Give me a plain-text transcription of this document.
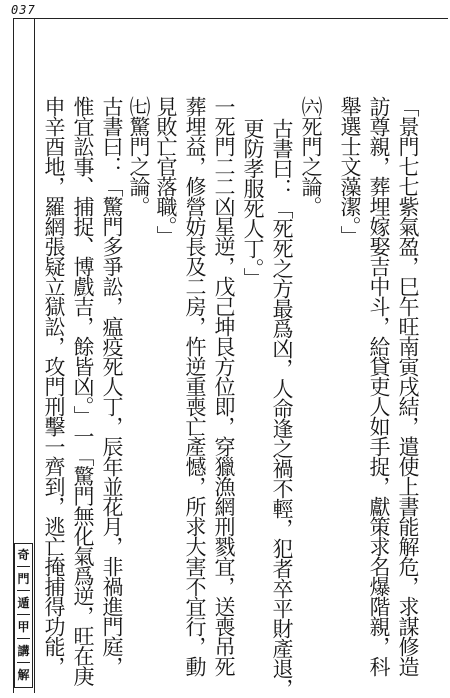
037
奇
門
遁
甲
講
解	「景門七七紫氣盈，巳午旺南寅戌結，遣使上書能解危，求謀修造
訪尊親，葬埋嫁娶吉中斗，給貸吏人如手捉，獻策求名爆階親，科
舉選士文藻潔。」
㈥死門之論。
古書曰：「死死之方最爲凶，人命逢之禍不輕，犯者卒平財產退，
更防孝服死人丁。」
一死門二二凶星逆，戊己坤艮方位即，穿獵漁網刑戮宜，送喪吊死
葬埋益，修營妨長及二房，忤逆重喪亡產憾，所求大害不宜行，動
見敗亡官落職。」
㈦驚門之論。
古書曰：「驚門多爭訟，瘟疫死人丁，辰年並花月，非禍進門庭，
惟宜訟事、捕捉、博戲吉，餘皆凶。」一「驚門無化氣爲逆，旺在庚
申辛酉地，羅網張疑立獄訟，攻門刑擊一齊到，逃亡掩捕得功能，
